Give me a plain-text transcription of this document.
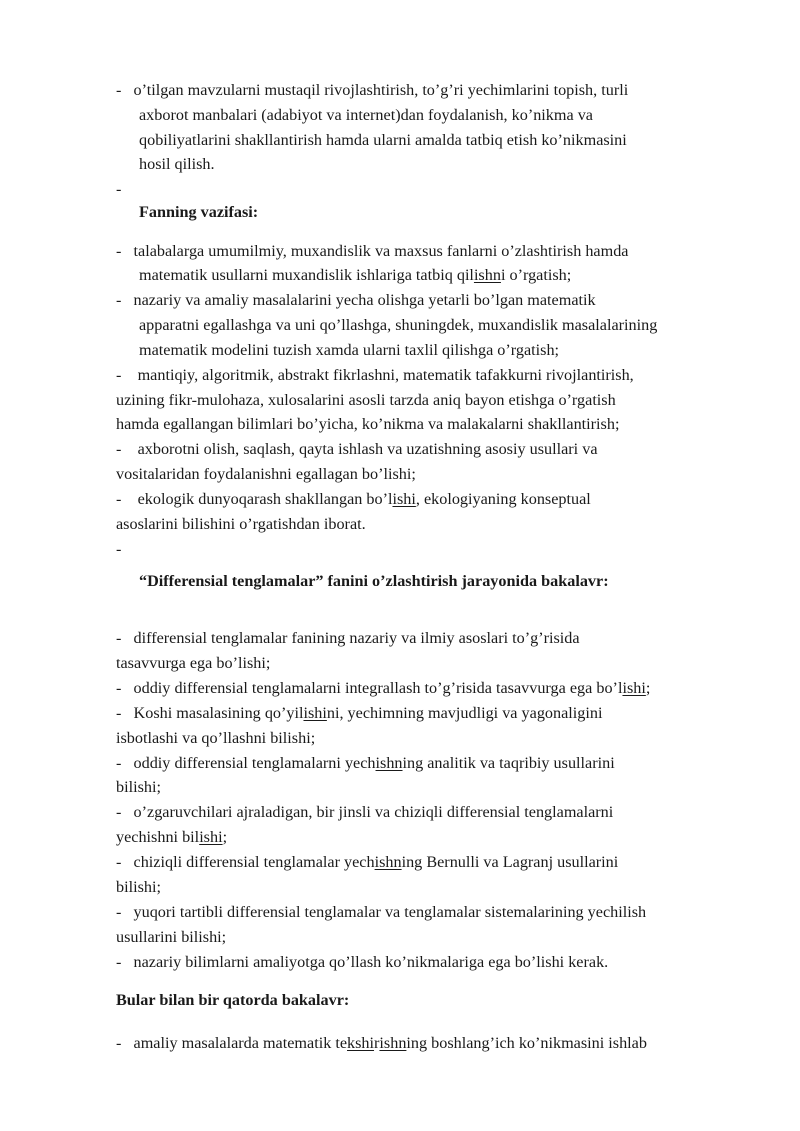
-   o’tilgan mavzularni mustaqil rivojlashtirish, to’g’ri yechimlarini topish, turli
axborot manbalari (adabiyot va internet)dan foydalanish, ko’nikma va
qobiliyatlarini shakllantirish hamda ularni amalda tatbiq etish ko’nikmasini
hosil qilish.
-
Fanning vazifasi:
-   talabalarga umumilmiy, muxandislik va maxsus fanlarni o’zlashtirish hamda
matematik usullarni muxandislik ishlariga tatbiq qilishni o’rgatish;
-   nazariy va amaliy masalalarini yecha olishga yetarli bo’lgan matematik
apparatni egallashga va uni qo’llashga, shuningdek, muxandislik masalalarining
matematik modelini tuzish xamda ularni taxlil qilishga o’rgatish;
-    mantiqiy, algoritmik, abstrakt fikrlashni, matematik tafakkurni rivojlantirish,
uzining fikr-mulohaza, xulosalarini asosli tarzda aniq bayon etishga o’rgatish
hamda egallangan bilimlari bo’yicha, ko’nikma va malakalarni shakllantirish;
-    axborotni olish, saqlash, qayta ishlash va uzatishning asosiy usullari va
vositalaridan foydalanishni egallagan bo’lishi;
-    ekologik dunyoqarash shakllangan bo’lishi, ekologiyaning konseptual
asoslarini bilishini o’rgatishdan iborat.
-
“Differensial tenglamalar” fanini o’zlashtirish jarayonida bakalavr:
-   differensial tenglamalar fanining nazariy va ilmiy asoslari to’g’risida
tasavvurga ega bo’lishi;
-   oddiy differensial tenglamalarni integrallash to’g’risida tasavvurga ega bo’lishi;
-   Koshi masalasining qo’yilishini, yechimning mavjudligi va yagonaligini
isbotlashi va qo’llashni bilishi;
-   oddiy differensial tenglamalarni yechishning analitik va taqribiy usullarini
bilishi;
-   o’zgaruvchilari ajraladigan, bir jinsli va chiziqli differensial tenglamalarni
yechishni bilishi;
-   chiziqli differensial tenglamalar yechishning Bernulli va Lagranj usullarini
bilishi;
-   yuqori tartibli differensial tenglamalar va tenglamalar sistemalarining yechilish
usullarini bilishi;
-   nazariy bilimlarni amaliyotga qo’llash ko’nikmalariga ega bo’lishi kerak.
Bular bilan bir qatorda bakalavr:
-   amaliy masalalarda matematik tekshirishning boshlang’ich ko’nikmasini ishlab
